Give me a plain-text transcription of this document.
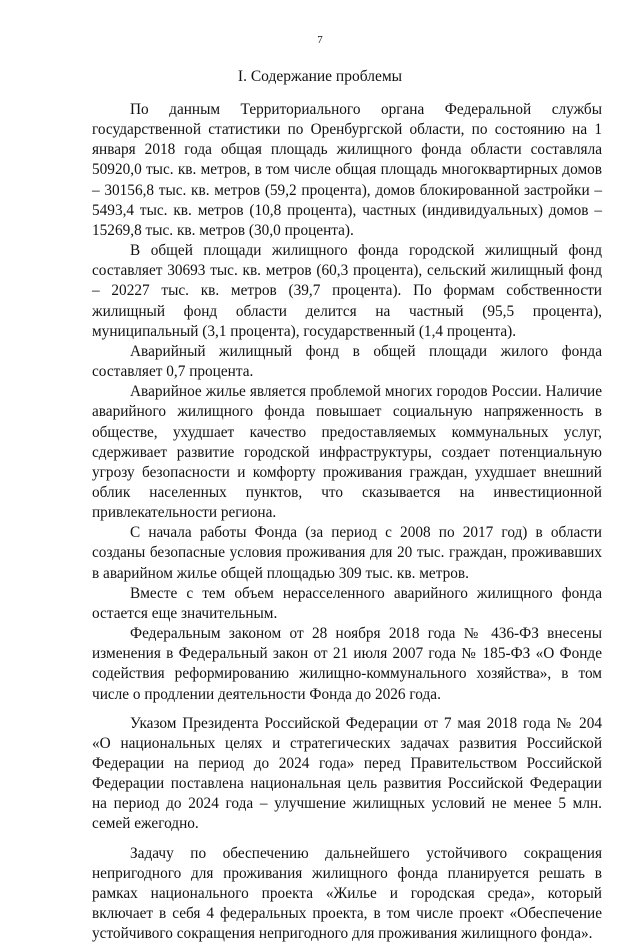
7
I. Содержание проблемы

По данным Территориального органа Федеральной службы государственной статистики по Оренбургской области, по состоянию на 1 января 2018 года общая площадь жилищного фонда области составляла 50920,0 тыс. кв. метров, в том числе общая площадь многоквартирных домов – 30156,8 тыс. кв. метров (59,2 процента), домов блокированной застройки – 5493,4 тыс. кв. метров (10,8 процента), частных (индивидуальных) домов – 15269,8 тыс. кв. метров (30,0 процента).

В общей площади жилищного фонда городской жилищный фонд составляет 30693 тыс. кв. метров (60,3 процента), сельский жилищный фонд – 20227 тыс. кв. метров (39,7 процента). По формам собственности жилищный фонд области делится на частный (95,5 процента), муниципальный (3,1 процента), государственный (1,4 процента).

Аварийный жилищный фонд в общей площади жилого фонда составляет 0,7 процента.

Аварийное жилье является проблемой многих городов России. Наличие аварийного жилищного фонда повышает социальную напряженность в обществе, ухудшает качество предоставляемых коммунальных услуг, сдерживает развитие городской инфраструктуры, создает потенциальную угрозу безопасности и комфорту проживания граждан, ухудшает внешний облик населенных пунктов, что сказывается на инвестиционной привлекательности региона.

С начала работы Фонда (за период с 2008 по 2017 год) в области созданы безопасные условия проживания для 20 тыс. граждан, проживавших в аварийном жилье общей площадью 309 тыс. кв. метров.

Вместе с тем объем нерасселенного аварийного жилищного фонда остается еще значительным.

Федеральным законом от 28 ноября 2018 года № 436-ФЗ внесены изменения в Федеральный закон от 21 июля 2007 года № 185-ФЗ «О Фонде содействия реформированию жилищно-коммунального хозяйства», в том числе о продлении деятельности Фонда до 2026 года.

Указом Президента Российской Федерации от 7 мая 2018 года № 204 «О национальных целях и стратегических задачах развития Российской Федерации на период до 2024 года» перед Правительством Российской Федерации поставлена национальная цель развития Российской Федерации на период до 2024 года – улучшение жилищных условий не менее 5 млн. семей ежегодно.

Задачу по обеспечению дальнейшего устойчивого сокращения непригодного для проживания жилищного фонда планируется решать в рамках национального проекта «Жилье и городская среда», который включает в себя 4 федеральных проекта, в том числе проект «Обеспечение устойчивого сокращения непригодного для проживания жилищного фонда».
